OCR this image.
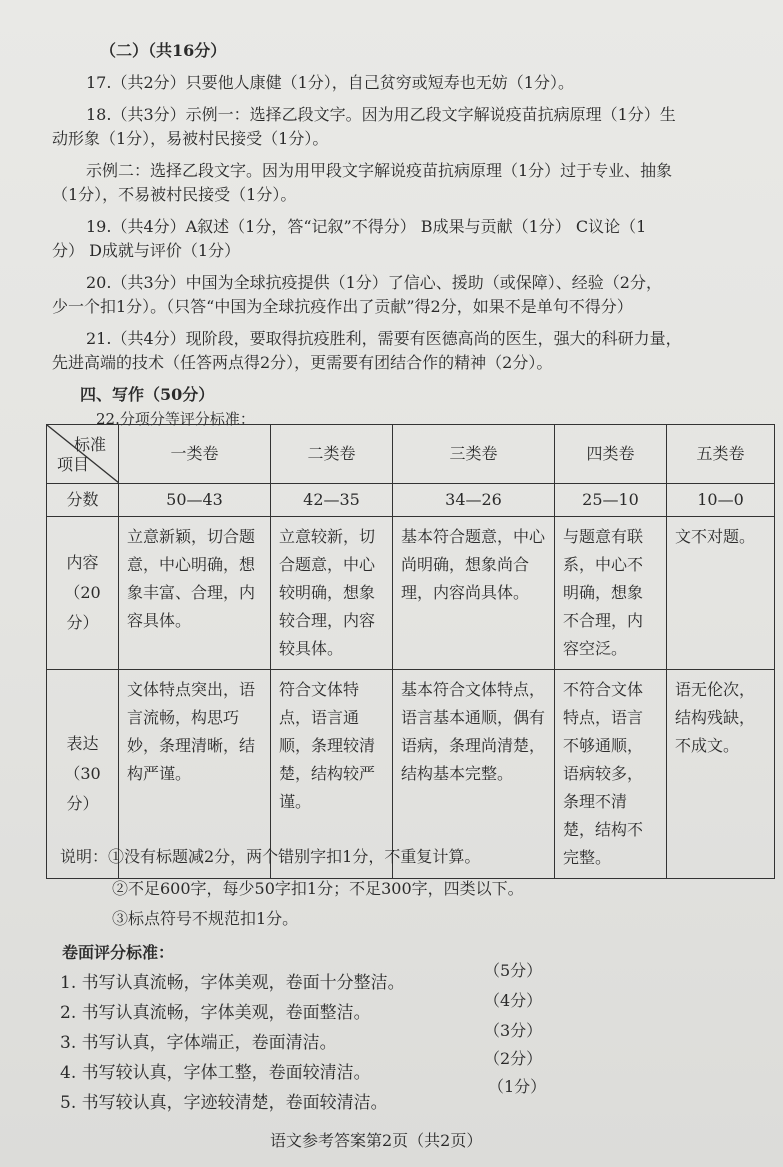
（二）（共16分）
17.（共2分）只要他人康健（1分），自己贫穷或短寿也无妨（1分）。
18.（共3分）示例一：选择乙段文字。因为用乙段文字解说疫苗抗病原理（1分）生
动形象（1分），易被村民接受（1分）。
示例二：选择乙段文字。因为用甲段文字解说疫苗抗病原理（1分）过于专业、抽象
（1分），不易被村民接受（1分）。
19.（共4分）A叙述（1分，答“记叙”不得分） B成果与贡献（1分） C议论（1
分） D成就与评价（1分）
20.（共3分）中国为全球抗疫提供（1分）了信心、援助（或保障）、经验（2分，
少一个扣1分）。（只答“中国为全球抗疫作出了贡献”得2分，如果不是单句不得分）
21.（共4分）现阶段，要取得抗疫胜利，需要有医德高尚的医生，强大的科研力量，
先进高端的技术（任答两点得2分），更需要有团结合作的精神（2分）。
四、写作（50分）
22.分项分等评分标准：
标准
项目	一类卷	二类卷	三类卷	四类卷	五类卷
分数	50—43	42—35	34—26	25—10	10—0

内容
（20分）	立意新颖，切合题意，中心明确，想象丰富、合理，内容具体。	立意较新，切合题意，中心较明确，想象较合理，内容较具体。	基本符合题意，中心尚明确，想象尚合理，内容尚具体。	与题意有联系，中心不明确，想象不合理，内容空泛。	文不对题。

表达
（30分）	文体特点突出，语言流畅，构思巧妙，条理清晰，结构严谨。	符合文体特点，语言通顺，条理较清楚，结构较严谨。	基本符合文体特点，语言基本通顺，偶有语病，条理尚清楚，结构基本完整。	不符合文体特点，语言不够通顺，语病较多，条理不清楚，结构不完整。	语无伦次，结构残缺，不成文。
说明：①没有标题减2分，两个错别字扣1分，不重复计算。
②不足600字，每少50字扣1分；不足300字，四类以下。
③标点符号不规范扣1分。
卷面评分标准：
1. 书写认真流畅，字体美观，卷面十分整洁。
（5分）
2. 书写认真流畅，字体美观，卷面整洁。
（4分）
3. 书写认真，字体端正，卷面清洁。
（3分）
4. 书写较认真，字体工整，卷面较清洁。
（2分）
5. 书写较认真，字迹较清楚，卷面较清洁。
（1分）
语文参考答案第2页（共2页）
